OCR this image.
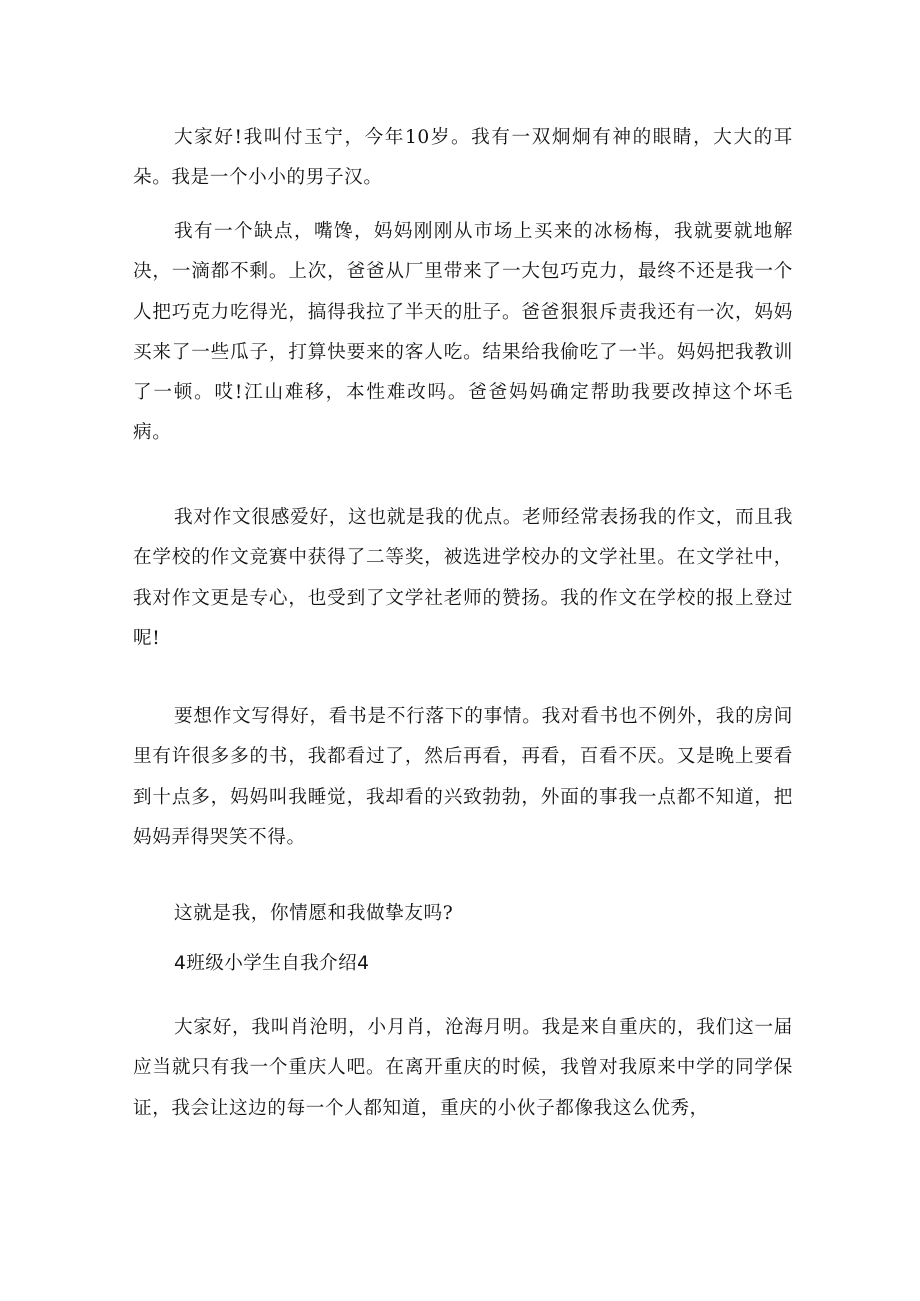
大家好!我叫付玉宁，今年10岁。我有一双炯炯有神的眼睛，大大的耳朵。我是一个小小的男子汉。

我有一个缺点，嘴馋，妈妈刚刚从市场上买来的冰杨梅，我就要就地解决，一滴都不剩。上次，爸爸从厂里带来了一大包巧克力，最终不还是我一个人把巧克力吃得光，搞得我拉了半天的肚子。爸爸狠狠斥责我还有一次，妈妈买来了一些瓜子，打算快要来的客人吃。结果给我偷吃了一半。妈妈把我教训了一顿。哎!江山难移，本性难改吗。爸爸妈妈确定帮助我要改掉这个坏毛病。

我对作文很感爱好，这也就是我的优点。老师经常表扬我的作文，而且我在学校的作文竞赛中获得了二等奖，被选进学校办的文学社里。在文学社中，我对作文更是专心，也受到了文学社老师的赞扬。我的作文在学校的报上登过呢!

要想作文写得好，看书是不行落下的事情。我对看书也不例外，我的房间里有许很多多的书，我都看过了，然后再看，再看，百看不厌。又是晚上要看到十点多，妈妈叫我睡觉，我却看的兴致勃勃，外面的事我一点都不知道，把妈妈弄得哭笑不得。

这就是我，你情愿和我做挚友吗?

4班级小学生自我介绍4

大家好，我叫肖沧明，小月肖，沧海月明。我是来自重庆的，我们这一届应当就只有我一个重庆人吧。在离开重庆的时候，我曾对我原来中学的同学保证，我会让这边的每一个人都知道，重庆的小伙子都像我这么优秀，
